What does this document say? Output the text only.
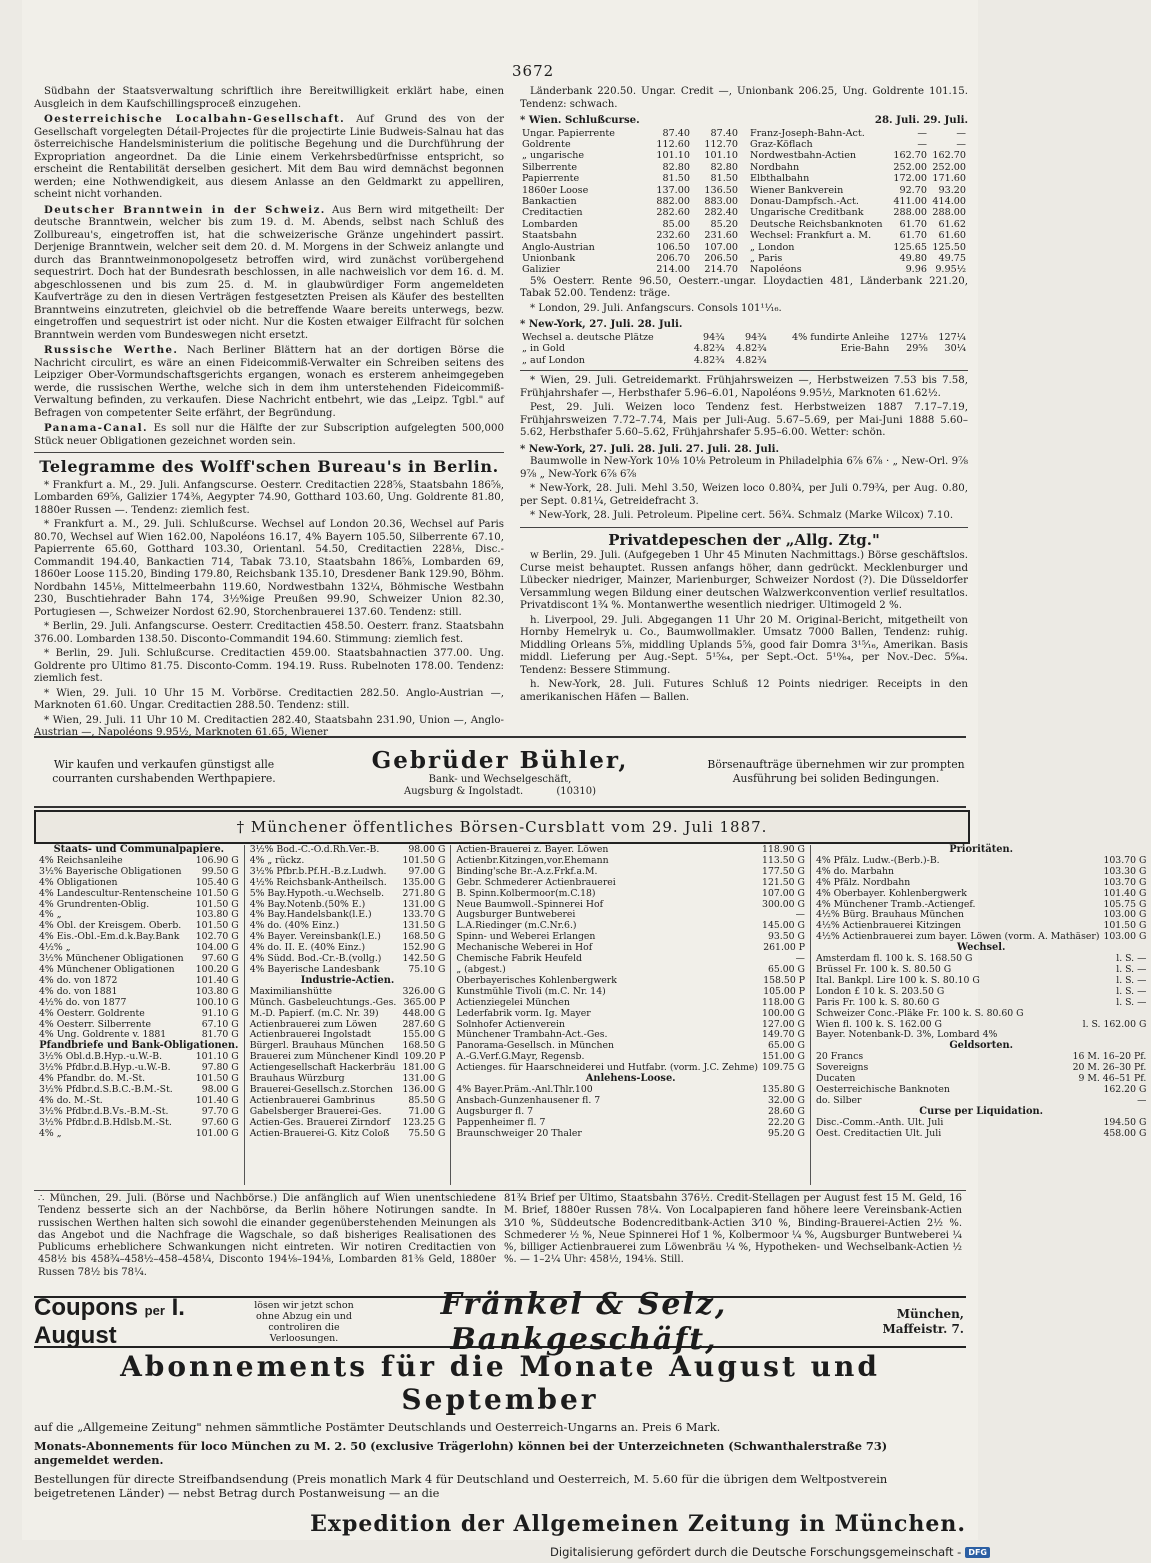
3672

Südbahn der Staatsverwaltung schriftlich ihre Bereitwilligkeit erklärt habe, einen Ausgleich in dem Kaufschillingsproceß einzugehen.

Oesterreichische Localbahn-Gesellschaft. Auf Grund des von der Gesellschaft vorgelegten Détail-Projectes für die projectirte Linie Budweis-Salnau hat das österreichische Handelsministerium die politische Begehung und die Durchführung der Expropriation angeordnet. Da die Linie einem Verkehrsbedürfnisse entspricht, so erscheint die Rentabilität derselben gesichert. Mit dem Bau wird demnächst begonnen werden; eine Nothwendigkeit, aus diesem Anlasse an den Geldmarkt zu appelliren, scheint nicht vorhanden.

Deutscher Branntwein in der Schweiz. Aus Bern wird mitgetheilt: Der deutsche Branntwein, welcher bis zum 19. d. M. Abends, selbst nach Schluß des Zollbureau's, eingetroffen ist, hat die schweizerische Gränze ungehindert passirt. Derjenige Branntwein, welcher seit dem 20. d. M. Morgens in der Schweiz anlangte und durch das Branntweinmonopolgesetz betroffen wird, wird zunächst vorübergehend sequestrirt. Doch hat der Bundesrath beschlossen, in alle nachweislich vor dem 16. d. M. abgeschlossenen und bis zum 25. d. M. in glaubwürdiger Form angemeldeten Kaufverträge zu den in diesen Verträgen festgesetzten Preisen als Käufer des bestellten Branntweins einzutreten, gleichviel ob die betreffende Waare bereits unterwegs, bezw. eingetroffen und sequestrirt ist oder nicht. Nur die Kosten etwaiger Eilfracht für solchen Branntwein werden vom Bundeswegen nicht ersetzt.

Russische Werthe. Nach Berliner Blättern hat an der dortigen Börse die Nachricht circulirt, es wäre an einen Fideicommiß-Verwalter ein Schreiben seitens des Leipziger Ober-Vormundschaftsgerichts ergangen, wonach es ersterem anheimgegeben werde, die russischen Werthe, welche sich in dem ihm unterstehenden Fideicommiß-Verwaltung befinden, zu verkaufen. Diese Nachricht entbehrt, wie das „Leipz. Tgbl." auf Befragen von competenter Seite erfährt, der Begründung.

Panama-Canal. Es soll nur die Hälfte der zur Subscription aufgelegten 500,000 Stück neuer Obligationen gezeichnet worden sein.

Telegramme des Wolff'schen Bureau's in Berlin.

* Frankfurt a. M., 29. Juli. Anfangscurse. Oesterr. Creditactien 228⅝, Staatsbahn 186⅝, Lombarden 69⅝, Galizier 174⅜, Aegypter 74.90, Gotthard 103.60, Ung. Goldrente 81.80, 1880er Russen —. Tendenz: ziemlich fest.

* Frankfurt a. M., 29. Juli. Schlußcurse. Wechsel auf London 20.36, Wechsel auf Paris 80.70, Wechsel auf Wien 162.00, Napoléons 16.17, 4% Bayern 105.50, Silberrente 67.10, Papierrente 65.60, Gotthard 103.30, Orientanl. 54.50, Creditactien 228⅛, Disc.-Commandit 194.40, Bankactien 714, Tabak 73.10, Staatsbahn 186⅝, Lombarden 69, 1860er Loose 115.20, Binding 179.80, Reichsbank 135.10, Dresdener Bank 129.90, Böhm. Nordbahn 145⅛, Mittelmeerbahn 119.60, Nordwestbahn 132¼, Böhmische Westbahn 230, Buschtiehrader Bahn 174, 3½%ige Preußen 99.90, Schweizer Union 82.30, Portugiesen —, Schweizer Nordost 62.90, Storchenbrauerei 137.60. Tendenz: still.

* Berlin, 29. Juli. Anfangscurse. Oesterr. Creditactien 458.50. Oesterr. franz. Staatsbahn 376.00. Lombarden 138.50. Disconto-Commandit 194.60. Stimmung: ziemlich fest.

* Berlin, 29. Juli. Schlußcurse. Creditactien 459.00. Staatsbahnactien 377.00. Ung. Goldrente pro Ultimo 81.75. Disconto-Comm. 194.19. Russ. Rubelnoten 178.00. Tendenz: ziemlich fest.

* Wien, 29. Juli. 10 Uhr 15 M. Vorbörse. Creditactien 282.50. Anglo-Austrian —, Marknoten 61.60. Ungar. Creditactien 288.50. Tendenz: still.

* Wien, 29. Juli. 11 Uhr 10 M. Creditactien 282.40, Staatsbahn 231.90, Union —, Anglo-Austrian —, Napoléons 9.95½, Marknoten 61.65, Wiener

Länderbank 220.50. Ungar. Credit —, Unionbank 206.25, Ung. Goldrente 101.15. Tendenz: schwach.

* Wien. Schlußcurse.	28. Juli. 29. Juli.
Ungar. Papierrente	87.40	87.40
Goldrente	112.60	112.70
„ ungarische	101.10	101.10
Silberrente	82.80	82.80
Papierrente	81.50	81.50
1860er Loose	137.00	136.50
Bankactien	882.00	883.00
Creditactien	282.60	282.40
Lombarden	85.00	85.20
Staatsbahn	232.60	231.60
Anglo-Austrian	106.50	107.00
Unionbank	206.70	206.50
Galizier	214.00	214.70
Franz-Joseph-Bahn-Act.	—	—
Graz-Köflach	—	—
Nordwestbahn-Actien	162.70	162.70
Nordbahn	252.00	252.00
Elbthalbahn	172.00	171.60
Wiener Bankverein	92.70	93.20
Donau-Dampfsch.-Act.	411.00	414.00
Ungarische Creditbank	288.00	288.00
Deutsche Reichsbanknoten	61.70	61.62
Wechsel: Frankfurt a. M.	61.70	61.60
„ London	125.65	125.50
„ Paris	49.80	49.75
Napoléons	9.96	9.95½

5% Oesterr. Rente 96.50, Oesterr.-ungar. Lloydactien 481, Länderbank 221.20, Tabak 52.00. Tendenz: träge.

* London, 29. Juli. Anfangscurs. Consols 101¹¹⁄₁₆.

* New-York, 27. Juli. 28. Juli.
Wechsel a. deutsche Plätze	94¾	94¾	4% fundirte Anleihe	127⅛	127¼
„ in Gold	4.82¾	4.82¾	Erie-Bahn	29⅝	30¼
„ auf London	4.82¾	4.82¾			

* Wien, 29. Juli. Getreidemarkt. Frühjahrsweizen —, Herbstweizen 7.53 bis 7.58, Frühjahrshafer —, Herbsthafer 5.96–6.01, Napoléons 9.95½, Marknoten 61.62½.

Pest, 29. Juli. Weizen loco Tendenz fest. Herbstweizen 1887 7.17–7.19, Frühjahrsweizen 7.72–7.74, Mais per Juli-Aug. 5.67–5.69, per Mai-Juni 1888 5.60–5.62, Herbsthafer 5.60–5.62, Frühjahrshafer 5.95–6.00. Wetter: schön.

* New-York, 27. Juli. 28. Juli. 27. Juli. 28. Juli.

Baumwolle in New-York 10⅛ 10⅛ Petroleum in Philadelphia 6⅞ 6⅞ · „ New-Orl. 9⅞ 9⅞ „ New-York 6⅞ 6⅞

* New-York, 28. Juli. Mehl 3.50, Weizen loco 0.80¾, per Juli 0.79¾, per Aug. 0.80, per Sept. 0.81¼, Getreidefracht 3.

* New-York, 28. Juli. Petroleum. Pipeline cert. 56¾. Schmalz (Marke Wilcox) 7.10.

Privatdepeschen der „Allg. Ztg."

w Berlin, 29. Juli. (Aufgegeben 1 Uhr 45 Minuten Nachmittags.) Börse geschäftslos. Curse meist behauptet. Russen anfangs höher, dann gedrückt. Mecklenburger und Lübecker niedriger, Mainzer, Marienburger, Schweizer Nordost (?). Die Düsseldorfer Versammlung wegen Bildung einer deutschen Walzwerkconvention verlief resultatlos. Privatdiscont 1¾ %. Montanwerthe wesentlich niedriger. Ultimogeld 2 %.

h. Liverpool, 29. Juli. Abgegangen 11 Uhr 20 M. Original-Bericht, mitgetheilt von Hornby Hemelryk u. Co., Baumwollmakler. Umsatz 7000 Ballen, Tendenz: ruhig. Middling Orleans 5⅝, middling Uplands 5⅝, good fair Domra 3¹⁵⁄₁₆, Amerikan. Basis middl. Lieferung per Aug.-Sept. 5¹⁵⁄₆₄, per Sept.-Oct. 5¹⁰⁄₆₄, per Nov.-Dec. 5⁶⁄₆₄. Tendenz: Bessere Stimmung.

h. New-York, 28. Juli. Futures Schluß 12 Points niedriger. Receipts in den amerikanischen Häfen — Ballen.

Wir kaufen und verkaufen günstigst alle courranten curshabenden Werthpapiere.
Gebrüder Bühler,
Bank- und Wechselgeschäft,
Augsburg & Ingolstadt.	(10310)
Börsenaufträge übernehmen wir zur prompten Ausführung bei soliden Bedingungen.
† Münchener öffentliches Börsen-Cursblatt vom 29. Juli 1887.
Staats- und Communalpapiere.
4% Reichsanleihe	106.90 G
3½% Bayerische Obligationen	99.50 G
4% Obligationen	105.40 G
4% Landescultur-Rentenscheine	101.50 G
4% Grundrenten-Oblig.	101.50 G
4% „	103.80 G
4% Obl. der Kreisgem. Oberb.	101.50 G
4% Eis.-Obl.-Em.d.k.Bay.Bank	102.70 G
4½% „	104.00 G
3½% Münchener Obligationen	97.60 G
4% Münchener Obligationen	100.20 G
4% do. von 1872	101.40 G
4% do. von 1881	103.80 G
4½% do. von 1877	100.10 G
4% Oesterr. Goldrente	91.10 G
4% Oesterr. Silberrente	67.10 G
4% Ung. Goldrente v. 1881	81.70 G
Pfandbriefe und Bank-Obligationen.
3½% Obl.d.B.Hyp.-u.W.-B.	101.10 G
3½% Pfdbr.d.B.Hyp.-u.W.-B.	97.80 G
4% Pfandbr. do. M.-St.	101.50 G
3½% Pfdbr.d.S.B.C.-B.M.-St.	98.00 G
4% do. M.-St.	101.40 G
3½% Pfdbr.d.B.Vs.-B.M.-St.	97.70 G
3½% Pfdbr.d.B.Hdlsb.M.-St.	97.60 G
4% „	101.00 G
3½% Bod.-C.-O.d.Rh.Ver.-B.	98.00 G
4% „ rückz.	101.50 G
3½% Pfbr.b.Pf.H.-B.z.Ludwh.	97.00 G
4½% Reichsbank-Antheilsch.	135.00 G
5% Bay.Hypoth.-u.Wechselb.	271.80 G
4% Bay.Notenb.(50% E.)	131.00 G
4% Bay.Handelsbank(l.E.)	133.70 G
4% do. (40% Einz.)	131.50 G
4% Bayer. Vereinsbank(l.E.)	168.50 G
4% do. II. E. (40% Einz.)	152.90 G
4% Südd. Bod.-Cr.-B.(vollg.)	142.50 G
4% Bayerische Landesbank	75.10 G
Industrie-Actien.
Maximilianshütte	326.00 G
Münch. Gasbeleuchtungs.-Ges.	365.00 P
M.-D. Papierf. (m.C. Nr. 39)	448.00 G
Actienbrauerei zum Löwen	287.60 G
Actienbrauerei Ingolstadt	155.00 G
Bürgerl. Brauhaus München	168.50 G
Brauerei zum Münchener Kindl	109.20 P
Actiengesellschaft Hackerbräu	181.00 G
Brauhaus Würzburg	131.00 G
Brauerei-Gesellsch.z.Storchen	136.00 G
Actienbrauerei Gambrinus	85.50 G
Gabelsberger Brauerei-Ges.	71.00 G
Actien-Ges. Brauerei Zirndorf	123.25 G
Actien-Brauerei-G. Kitz Coloß	75.50 G
Actien-Brauerei z. Bayer. Löwen	118.90 G
Actienbr.Kitzingen,vor.Ehemann	113.50 G
Binding'sche Br.-A.z.Frkf.a.M.	177.50 G
Gebr. Schmederer Actienbrauerei	121.50 G
B. Spinn.Kolbermoor(m.C.18)	107.00 G
Neue Baumwoll.-Spinnerei Hof	300.00 G
Augsburger Buntweberei	—
L.A.Riedinger (m.C.Nr.6.)	145.00 G
Spinn- und Weberei Erlangen	93.50 G
Mechanische Weberei in Hof	261.00 P
Chemische Fabrik Heufeld	—
„ (abgest.)	65.00 G
Oberbayerisches Kohlenbergwerk	158.50 P
Kunstmühle Tivoli (m.C. Nr. 14)	105.00 P
Actienziegelei München	118.00 G
Lederfabrik vorm. Ig. Mayer	100.00 G
Solnhofer Actienverein	127.00 G
Münchener Trambahn-Act.-Ges.	149.70 G
Panorama-Gesellsch. in München	65.00 G
A.-G.Verf.G.Mayr, Regensb.	151.00 G
Actienges. für Haarschneiderei und Hutfabr. (vorm. J.C. Zehme)	109.75 G
Anlehens-Loose.
4% Bayer.Präm.-Anl.Thlr.100	135.80 G
Ansbach-Gunzenhausener fl. 7	32.00 G
Augsburger fl. 7	28.60 G
Pappenheimer fl. 7	22.20 G
Braunschweiger 20 Thaler	95.20 G
Prioritäten.
4% Pfälz. Ludw.-(Berb.)-B.	103.70 G
4% do. Marbahn	103.30 G
4% Pfälz. Nordbahn	103.70 G
4% Oberbayer. Kohlenbergwerk	101.40 G
4% Münchener Tramb.-Actiengef.	105.75 G
4½% Bürg. Brauhaus München	103.00 G
4½% Actienbrauerei Kitzingen	101.50 G
4½% Actienbrauerei zum bayer. Löwen (vorm. A. Mathäser)	103.00 G
Wechsel.
Amsterdam fl. 100 k. S. 168.50 G	l. S. —
Brüssel Fr. 100 k. S. 80.50 G	l. S. —
Ital. Bankpl. Lire 100 k. S. 80.10 G	l. S. —
London £ 10 k. S. 203.50 G	l. S. —
Paris Fr. 100 k. S. 80.60 G	l. S. —
Schweizer Conc.-Pläke Fr. 100 k. S. 80.60 G	
Wien fl. 100 k. S. 162.00 G	l. S. 162.00 G
Bayer. Notenbank-D. 3%, Lombard 4%	
Geldsorten.
20 Francs	16 M. 16–20 Pf.
Sovereigns	20 M. 26–30 Pf.
Ducaten	9 M. 46–51 Pf.
Oesterreichische Banknoten	162.20 G
do. Silber	—
Curse per Liquidation.
Disc.-Comm.-Anth. Ult. Juli	194.50 G
Oest. Creditactien Ult. Juli	458.00 G
∴ München, 29. Juli. (Börse und Nachbörse.) Die anfänglich auf Wien unentschiedene Tendenz besserte sich an der Nachbörse, da Berlin höhere Notirungen sandte. In russischen Werthen halten sich sowohl die einander gegenüberstehenden Meinungen als das Angebot und die Nachfrage die Wagschale, so daß bisheriges Realisationen des Publicums erheblichere Schwankungen nicht eintreten. Wir notiren Creditactien von 458½ bis 458¾–458½–458–458¼, Disconto 194⅛–194⅛, Lombarden 81⅜ Geld, 1880er Russen 78½ bis 78¼.
81¾ Brief per Ultimo, Staatsbahn 376½. Credit-Stellagen per August fest 15 M. Geld, 16 M. Brief, 1880er Russen 78¼. Von Localpapieren fand höhere leere Vereinsbank-Actien 3⁄10 %, Süddeutsche Bodencreditbank-Actien 3⁄10 %, Binding-Brauerei-Actien 2½ %. Schmederer ½ %, Neue Spinnerei Hof 1 %, Kolbermoor ¼ %, Augsburger Buntweberei ¼ %, billiger Actienbrauerei zum Löwenbräu ¼ %, Hypotheken- und Wechselbank-Actien ½ %. — 1–2¼ Uhr: 458½, 194⅛. Still.
Coupons per I. August
lösen wir jetzt schon ohne Abzug ein und controliren die Verloosungen.
Fränkel & Selz, Bankgeschäft,
München,
Maffeistr. 7.
Abonnements für die Monate August und September
auf die „Allgemeine Zeitung" nehmen sämmtliche Postämter Deutschlands und Oesterreich-Ungarns an. Preis 6 Mark.
Monats-Abonnements für loco München zu M. 2. 50 (exclusive Trägerlohn) können bei der Unterzeichneten (Schwanthalerstraße 73) angemeldet werden.
Bestellungen für directe Streifbandsendung (Preis monatlich Mark 4 für Deutschland und Oesterreich, M. 5.60 für die übrigen dem Weltpostverein beigetretenen Länder) — nebst Betrag durch Postanweisung — an die
Expedition der Allgemeinen Zeitung in München.
Digitalisierung gefördert durch die Deutsche Forschungsgemeinschaft - DFG
